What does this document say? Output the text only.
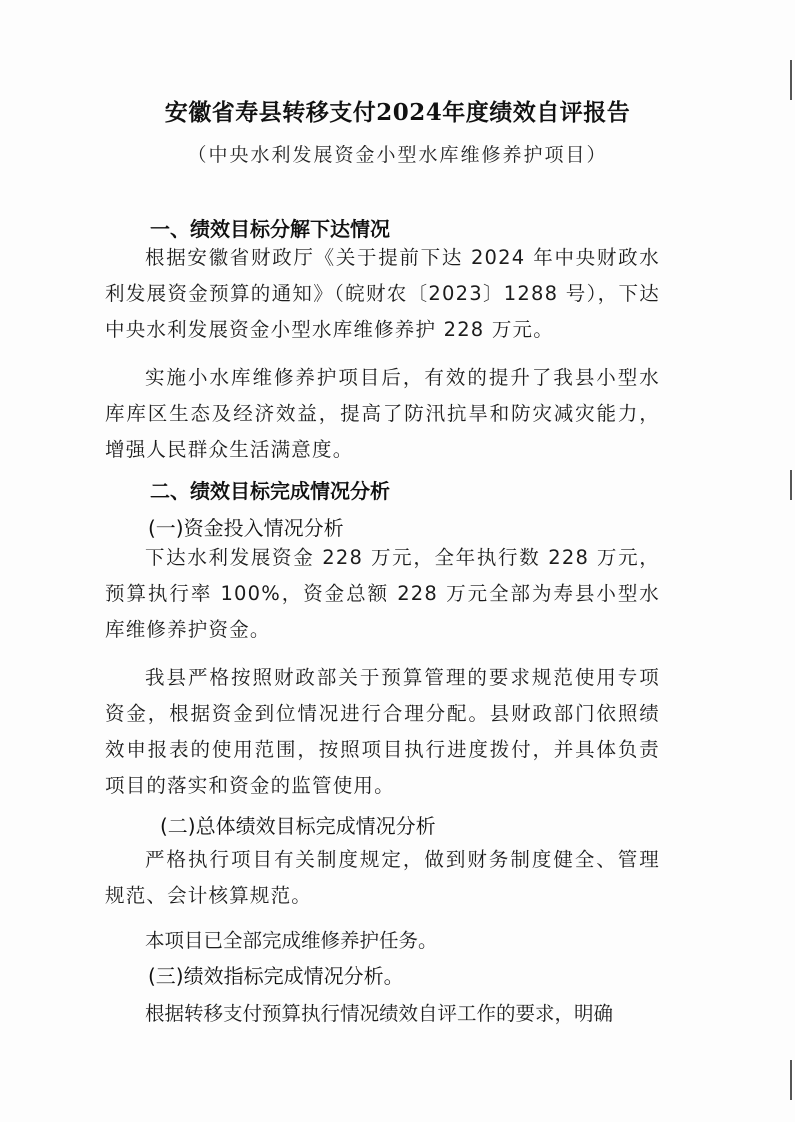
安徽省寿县转移支付2024年度绩效自评报告
（中央水利发展资金小型水库维修养护项目）
一、绩效目标分解下达情况
根据安徽省财政厅《关于提前下达 2024 年中央财政水利发展资金预算的通知》（皖财农〔2023〕1288 号），下达中央水利发展资金小型水库维修养护 228 万元。
实施小水库维修养护项目后，有效的提升了我县小型水库库区生态及经济效益，提高了防汛抗旱和防灾减灾能力，增强人民群众生活满意度。
二、绩效目标完成情况分析
(一)资金投入情况分析
下达水利发展资金 228 万元，全年执行数 228 万元，预算执行率 100%，资金总额 228 万元全部为寿县小型水库维修养护资金。
我县严格按照财政部关于预算管理的要求规范使用专项资金，根据资金到位情况进行合理分配。县财政部门依照绩效申报表的使用范围，按照项目执行进度拨付，并具体负责项目的落实和资金的监管使用。
(二)总体绩效目标完成情况分析
严格执行项目有关制度规定，做到财务制度健全、管理规范、会计核算规范。
本项目已全部完成维修养护任务。
(三)绩效指标完成情况分析。
根据转移支付预算执行情况绩效自评工作的要求，明确
